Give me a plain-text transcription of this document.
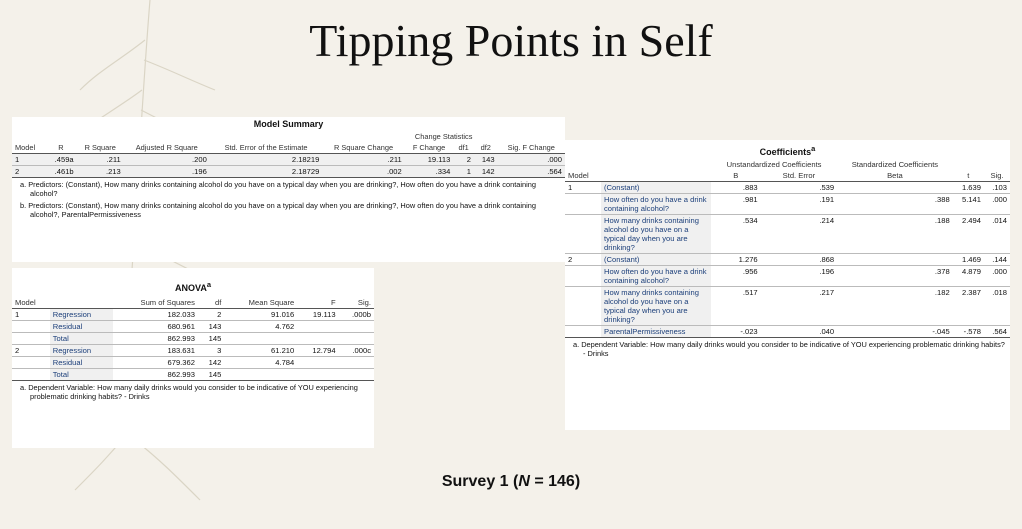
Tipping Points in Self
Model Summary
					Change Statistics				
Model	R	R Square	Adjusted R Square	Std. Error of the Estimate	R Square Change	F Change	df1	df2	Sig. F Change
1	.459a	.211	.200	2.18219	.211	19.113	2	143	.000
2	.461b	.213	.196	2.18729	.002	.334	1	142	.564
a. Predictors: (Constant), How many drinks containing alcohol do you have on a typical day when you are drinking?, How often do you have a drink containing alcohol?
b. Predictors: (Constant), How many drinks containing alcohol do you have on a typical day when you are drinking?, How often do you have a drink containing alcohol?, ParentalPermissiveness
ANOVA$^a$
Model		Sum of Squares	df	Mean Square	F	Sig.
1	Regression	182.033	2	91.016	19.113	.000b
	Residual	680.961	143	4.762		
	Total	862.993	145			
2	Regression	183.631	3	61.210	12.794	.000c
	Residual	679.362	142	4.784		
	Total	862.993	145			
a. Dependent Variable: How many daily drinks would you consider to be indicative of YOU experiencing problematic drinking habits? - Drinks
Coefficients$^a$
		Unstandardized Coefficients		Standardized Coefficients		
Model		B	Std. Error	Beta	t	Sig.
1	(Constant)	.883	.539		1.639	.103
	How often do you have a drink containing alcohol?	.981	.191	.388	5.141	.000
	How many drinks containing alcohol do you have on a typical day when you are drinking?	.534	.214	.188	2.494	.014
2	(Constant)	1.276	.868		1.469	.144
	How often do you have a drink containing alcohol?	.956	.196	.378	4.879	.000
	How many drinks containing alcohol do you have on a typical day when you are drinking?	.517	.217	.182	2.387	.018
	ParentalPermissiveness	-.023	.040	-.045	-.578	.564
a. Dependent Variable: How many daily drinks would you consider to be indicative of YOU experiencing problematic drinking habits? - Drinks
Survey 1 (N = 146)
